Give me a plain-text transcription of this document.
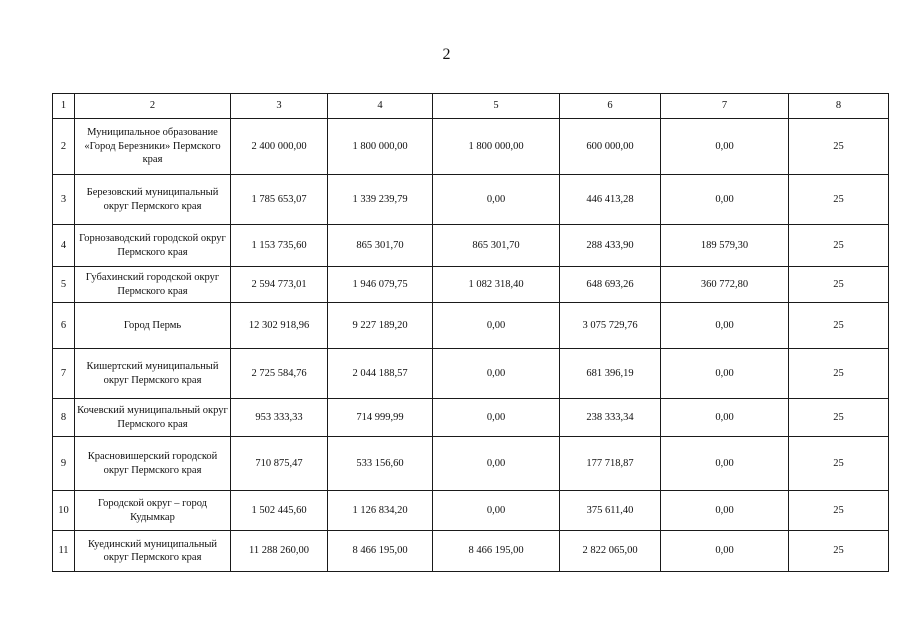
2
1	2	3	4	5	6	7	8
2	Муниципальное образование «Город Березники» Пермского края	2 400 000,00	1 800 000,00	1 800 000,00	600 000,00	0,00	25
3	Березовский муниципальный округ Пермского края	1 785 653,07	1 339 239,79	0,00	446 413,28	0,00	25
4	Горнозаводский городской округ Пермского края	1 153 735,60	865 301,70	865 301,70	288 433,90	189 579,30	25
5	Губахинский городской округ Пермского края	2 594 773,01	1 946 079,75	1 082 318,40	648 693,26	360 772,80	25
6	Город Пермь	12 302 918,96	9 227 189,20	0,00	3 075 729,76	0,00	25
7	Кишертский муниципальный округ Пермского края	2 725 584,76	2 044 188,57	0,00	681 396,19	0,00	25
8	Кочевский муниципальный округ Пермского края	953 333,33	714 999,99	0,00	238 333,34	0,00	25
9	Красновишерский городской округ Пермского края	710 875,47	533 156,60	0,00	177 718,87	0,00	25
10	Городской округ – город Кудымкар	1 502 445,60	1 126 834,20	0,00	375 611,40	0,00	25
11	Куединский муниципальный округ Пермского края	11 288 260,00	8 466 195,00	8 466 195,00	2 822 065,00	0,00	25
